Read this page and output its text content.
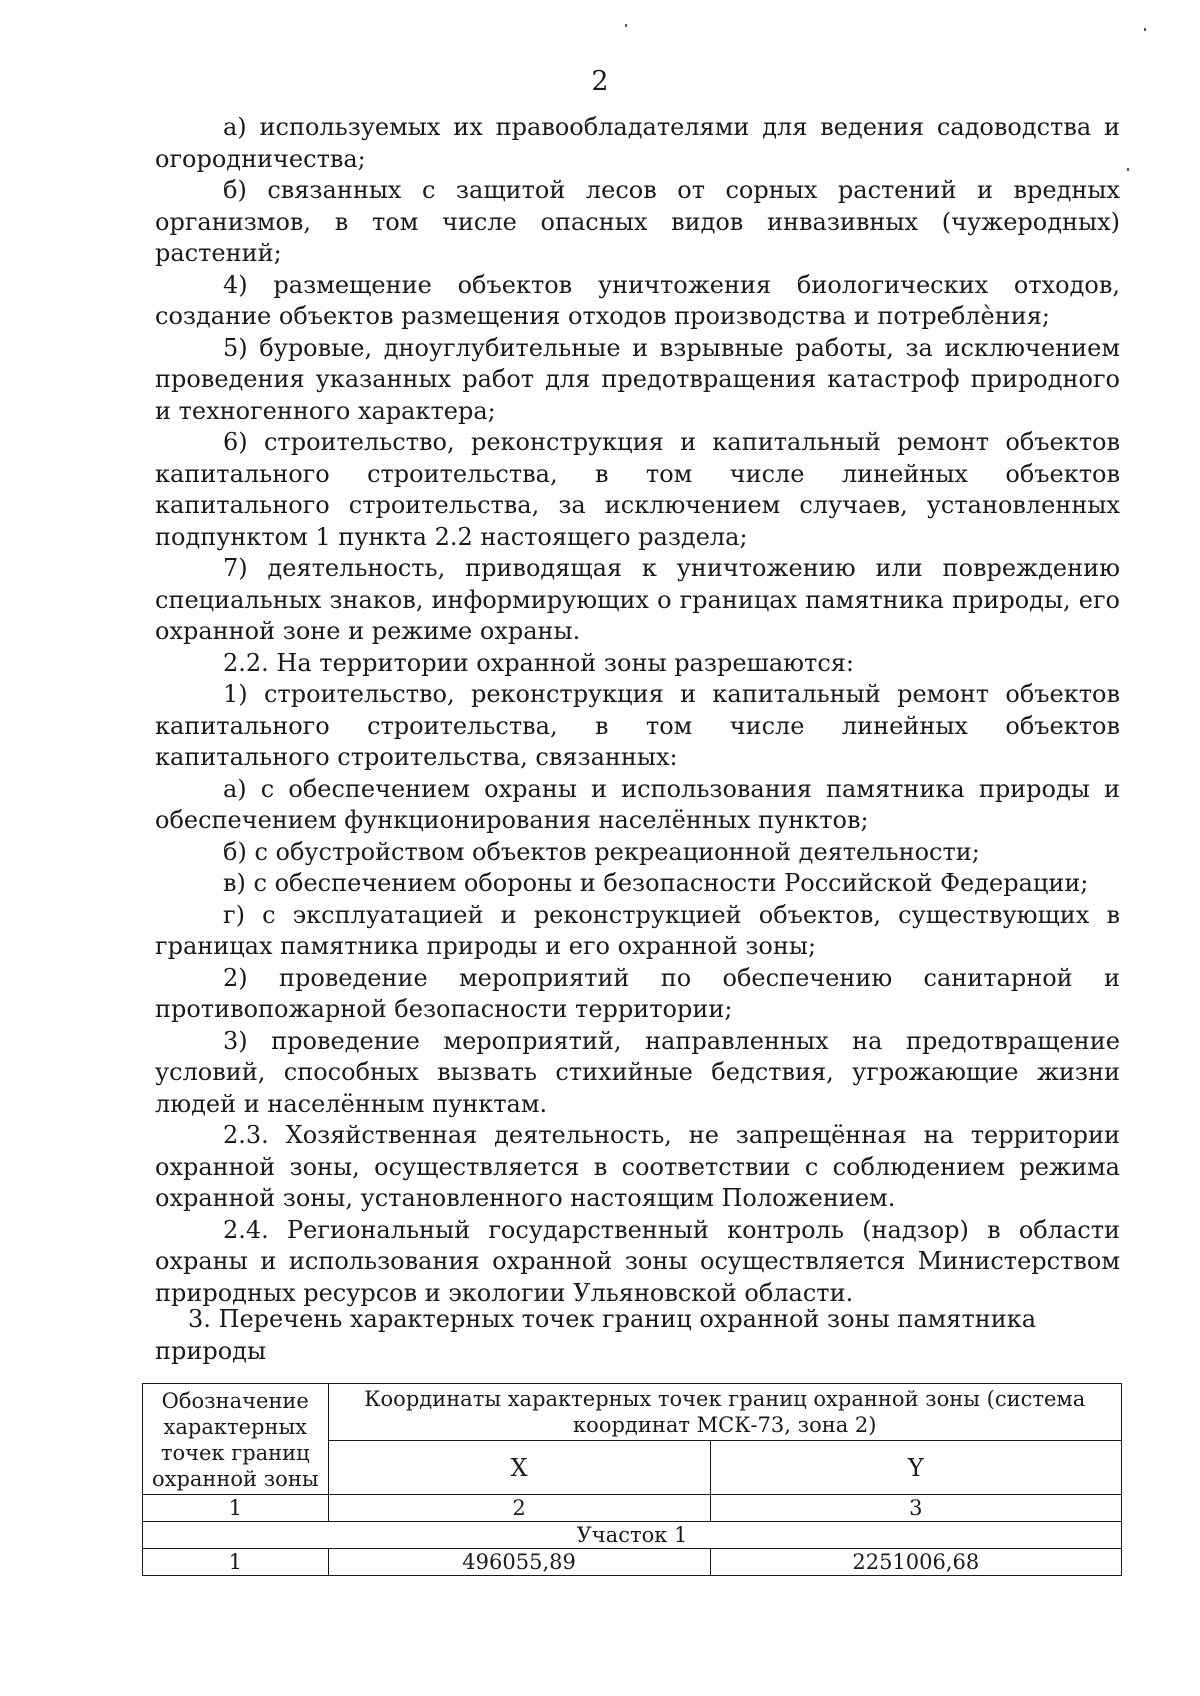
2

а) используемых их правообладателями для ведения садоводства и огородничества;

б) связанных с защитой лесов от сорных растений и вредных организмов, в том числе опасных видов инвазивных (чужеродных) растений;

4) размещение объектов уничтожения биологических отходов, создание объектов размещения отходов производства и потреблѐния;

5) буровые, дноуглубительные и взрывные работы, за исключением проведения указанных работ для предотвращения катастроф природного и техногенного характера;

6) строительство, реконструкция и капитальный ремонт объектов капитального строительства, в том числе линейных объектов капитального строительства, за исключением случаев, установленных подпунктом 1 пункта 2.2 настоящего раздела;

7) деятельность, приводящая к уничтожению или повреждению специальных знаков, информирующих о границах памятника природы, его охранной зоне и режиме охраны.

2.2. На территории охранной зоны разрешаются:

1) строительство, реконструкция и капитальный ремонт объектов капитального строительства, в том числе линейных объектов капитального строительства, связанных:

а) с обеспечением охраны и использования памятника природы и обеспечением функционирования населённых пунктов;

б) с обустройством объектов рекреационной деятельности;

в) с обеспечением обороны и безопасности Российской Федерации;

г) с эксплуатацией и реконструкцией объектов, существующих в границах памятника природы и его охранной зоны;

2) проведение мероприятий по обеспечению санитарной и противопожарной безопасности территории;

3) проведение мероприятий, направленных на предотвращение условий, способных вызвать стихийные бедствия, угрожающие жизни людей и населённым пунктам.

2.3. Хозяйственная деятельность, не запрещённая на территории охранной зоны, осуществляется в соответствии с соблюдением режима охранной зоны, установленного настоящим Положением.

2.4. Региональный государственный контроль (надзор) в области охраны и использования охранной зоны осуществляется Министерством природных ресурсов и экологии Ульяновской области.

3. Перечень характерных точек границ охранной зоны памятника природы
Обозначение характерных точек границ охранной зоны	Координаты характерных точек границ охранной зоны (система координат МСК-73, зона 2)	
	X	Y
1	2	3
Участок 1		
1	496055,89	2251006,68
